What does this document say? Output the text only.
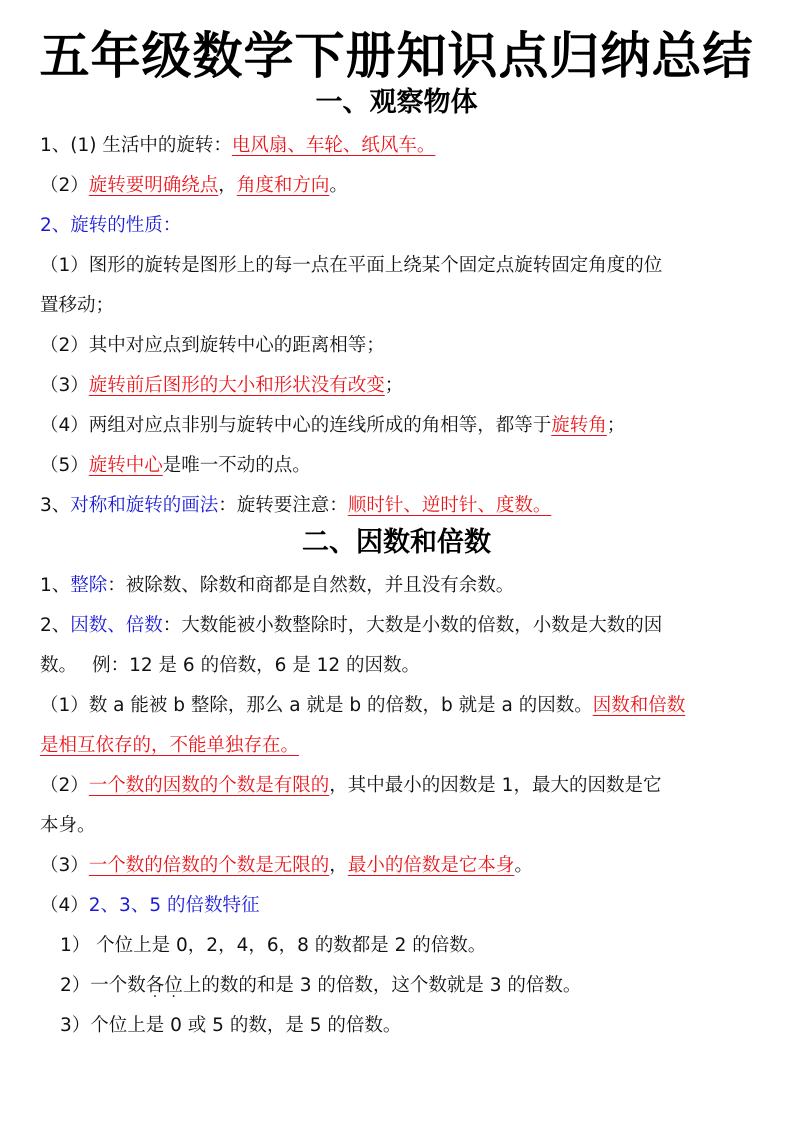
五年级数学下册知识点归纳总结
一、观察物体
1、(1) 生活中的旋转：电风扇、车轮、纸风车。
（2）旋转要明确绕点，角度和方向。
2、旋转的性质：
（1）图形的旋转是图形上的每一点在平面上绕某个固定点旋转固定角度的位
置移动；
（2）其中对应点到旋转中心的距离相等；
（3）旋转前后图形的大小和形状没有改变；
（4）两组对应点非别与旋转中心的连线所成的角相等，都等于旋转角；
（5）旋转中心是唯一不动的点。
3、对称和旋转的画法：旋转要注意：顺时针、逆时针、度数。
二、因数和倍数
1、整除：被除数、除数和商都是自然数，并且没有余数。
2、因数、倍数：大数能被小数整除时，大数是小数的倍数，小数是大数的因
数。　 例：12 是 6 的倍数，6 是 12 的因数。
（1）数 a 能被 b 整除，那么 a 就是 b 的倍数，b 就是 a 的因数。因数和倍数
是相互依存的，不能单独存在。
（2）一个数的因数的个数是有限的，其中最小的因数是 1，最大的因数是它
本身。
（3）一个数的倍数的个数是无限的，最小的倍数是它本身。
（4）2、3、5 的倍数特征
1） 个位上是 0，2，4，6，8 的数都是 2 的倍数。
2）一个数各位上的数的和是 3 的倍数，这个数就是 3 的倍数。
3）个位上是 0 或 5 的数，是 5 的倍数。
